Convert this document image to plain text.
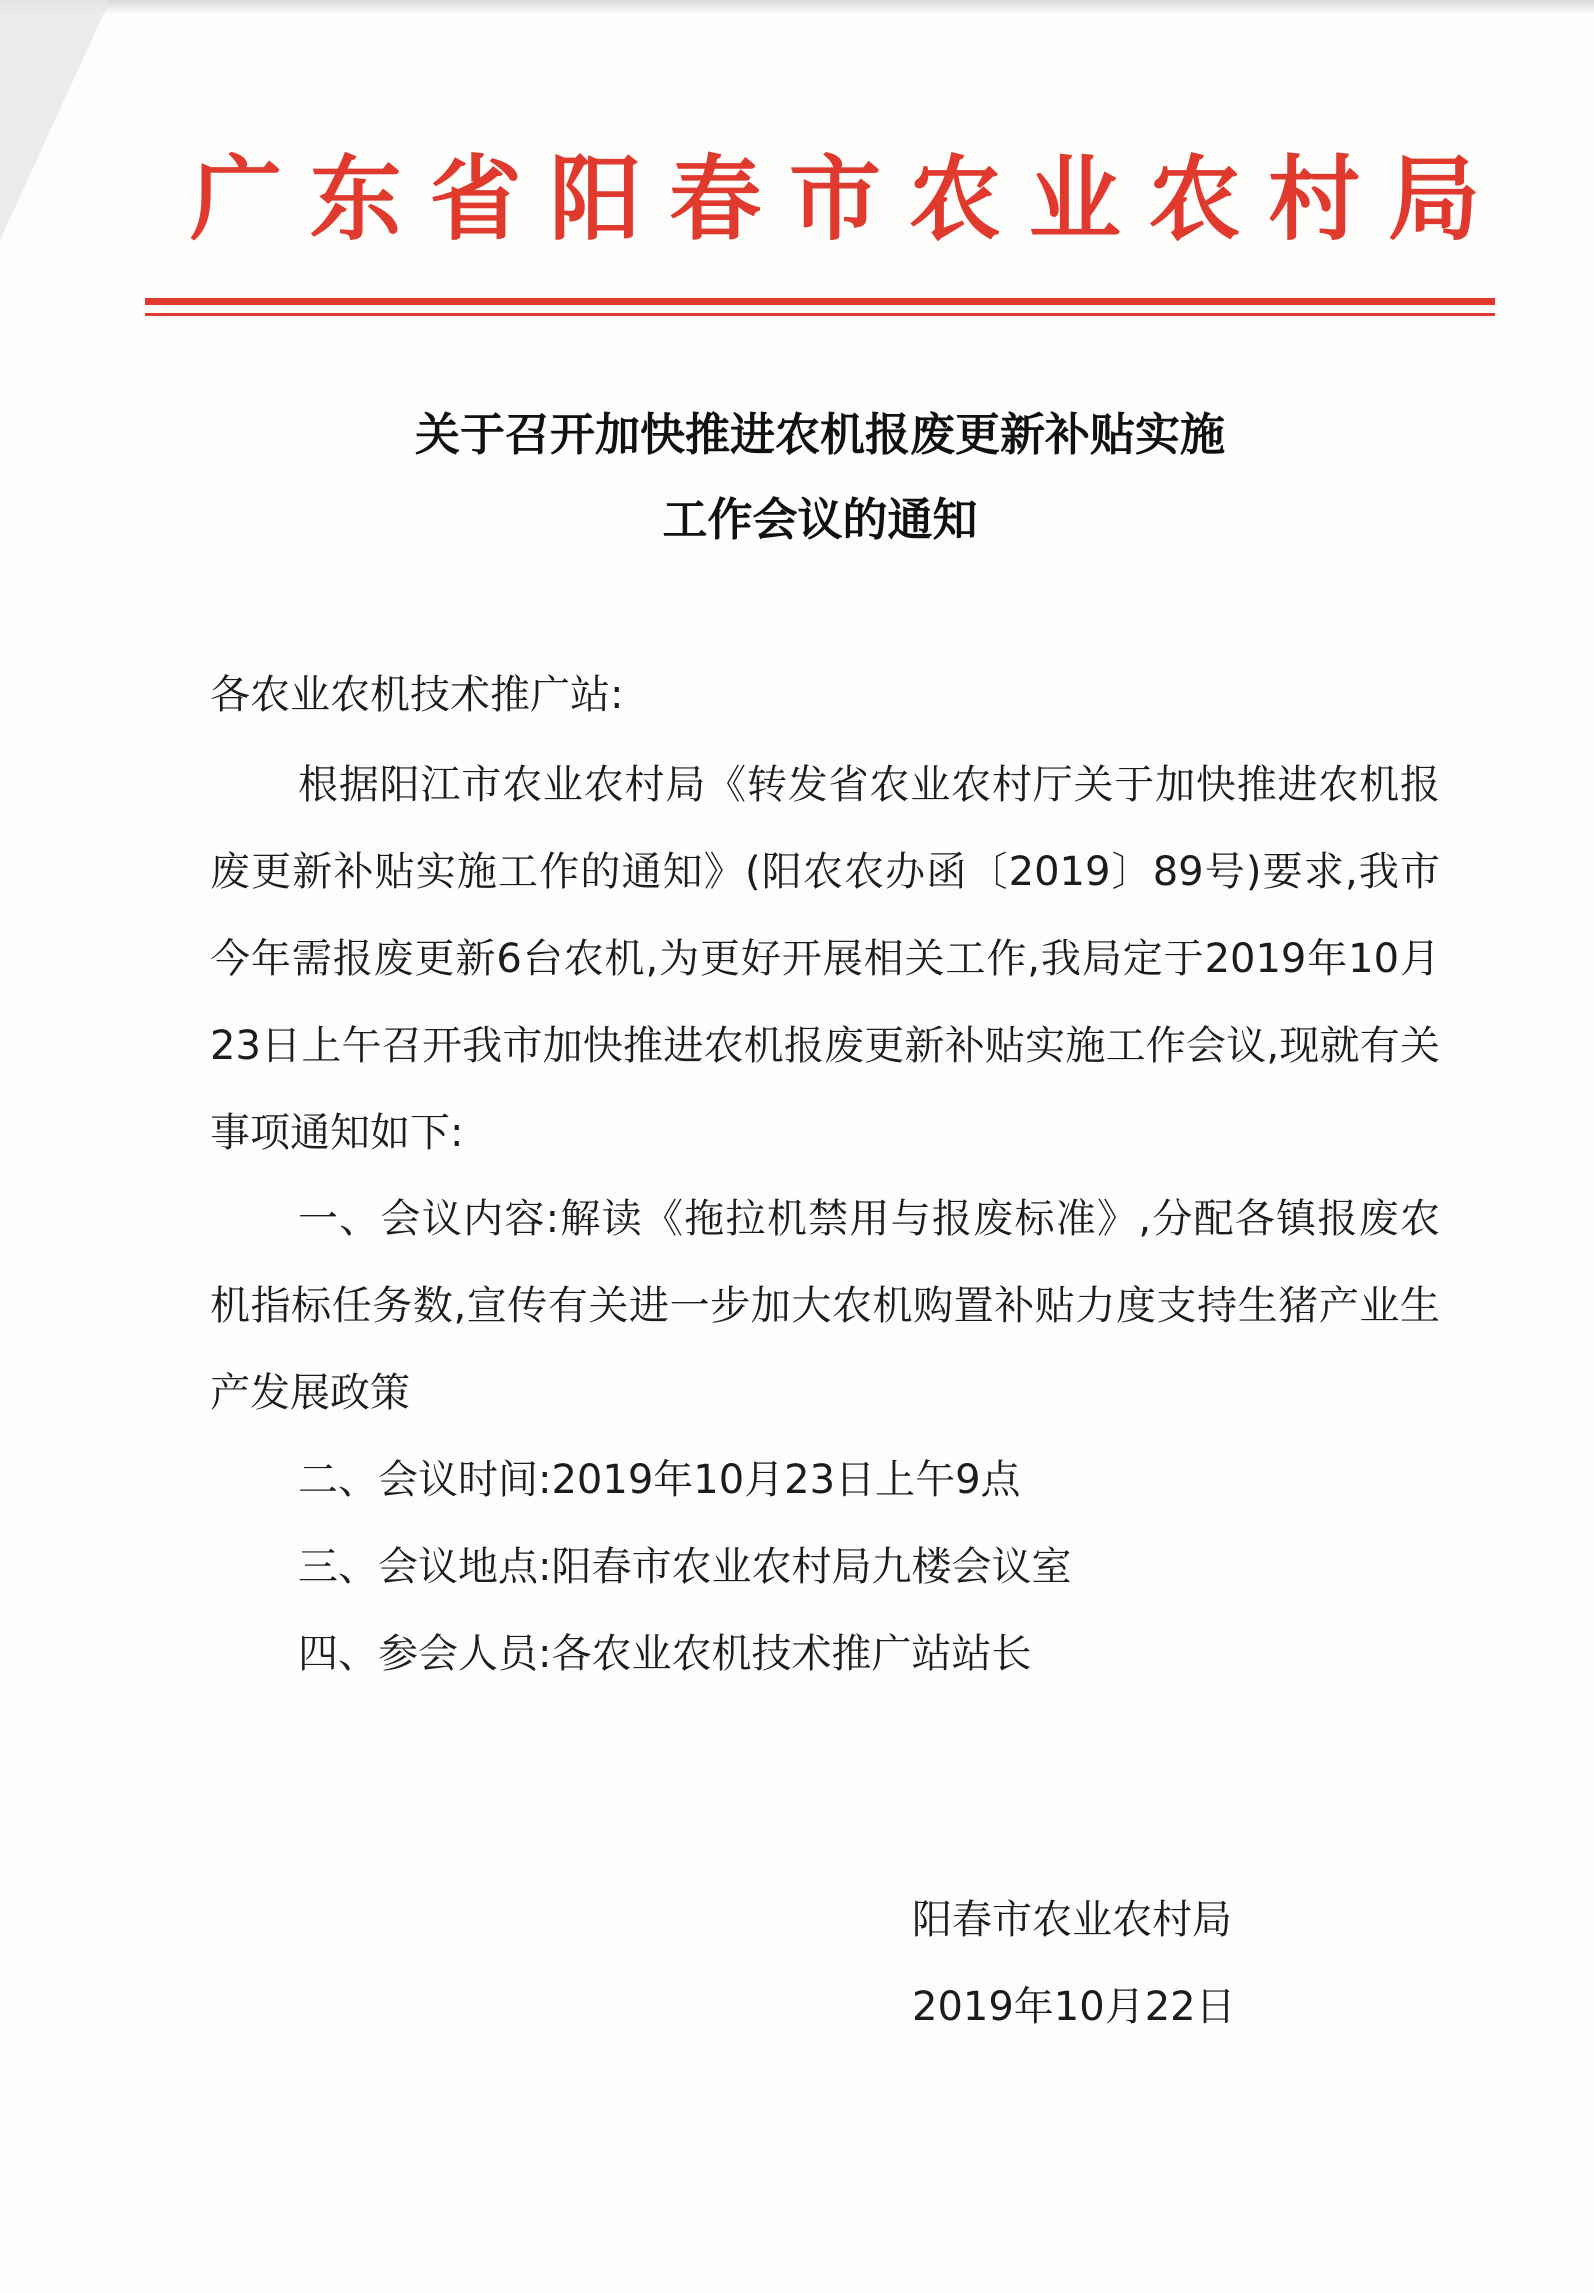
广东省阳春市农业农村局
关于召开加快推进农机报废更新补贴实施
工作会议的通知
各农业农机技术推广站:
根据阳江市农业农村局《转发省农业农村厅关于加快推进农机报废更新补贴实施工作的通知》(阳农农办函〔2019〕89号)要求,我市今年需报废更新6台农机,为更好开展相关工作,我局定于2019年10月23日上午召开我市加快推进农机报废更新补贴实施工作会议,现就有关事项通知如下:
一、会议内容:解读《拖拉机禁用与报废标准》,分配各镇报废农机指标任务数,宣传有关进一步加大农机购置补贴力度支持生猪产业生产发展政策
二、会议时间:2019年10月23日上午9点
三、会议地点:阳春市农业农村局九楼会议室
四、参会人员:各农业农机技术推广站站长
阳春市农业农村局
2019年10月22日
